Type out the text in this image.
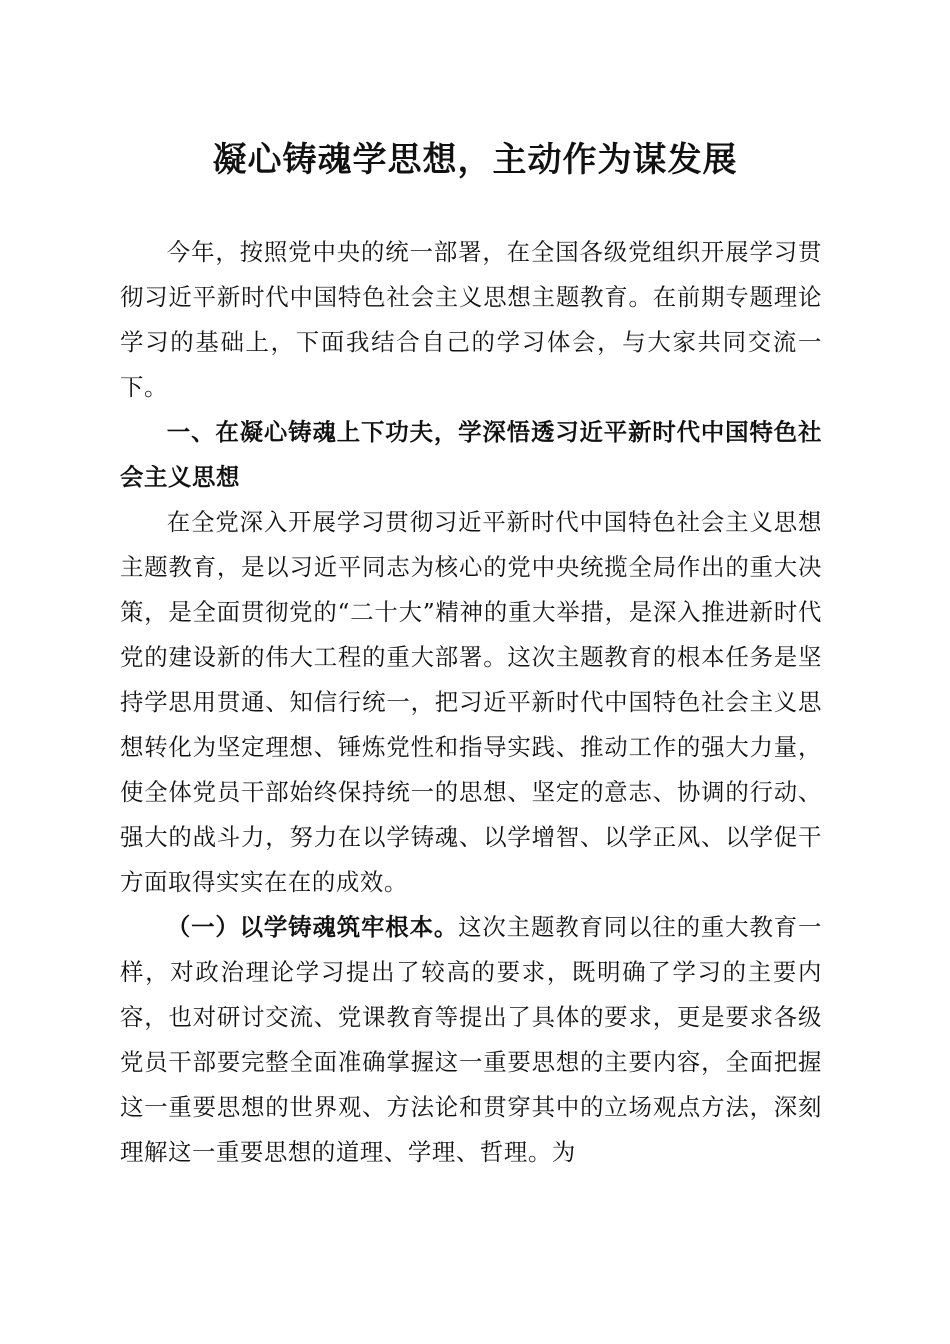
凝心铸魂学思想，主动作为谋发展

今年，按照党中央的统一部署，在全国各级党组织开展学习贯彻习近平新时代中国特色社会主义思想主题教育。在前期专题理论学习的基础上，下面我结合自己的学习体会，与大家共同交流一下。

一、在凝心铸魂上下功夫，学深悟透习近平新时代中国特色社会主义思想

在全党深入开展学习贯彻习近平新时代中国特色社会主义思想主题教育，是以习近平同志为核心的党中央统揽全局作出的重大决策，是全面贯彻党的“二十大”精神的重大举措，是深入推进新时代党的建设新的伟大工程的重大部署。这次主题教育的根本任务是坚持学思用贯通、知信行统一，把习近平新时代中国特色社会主义思想转化为坚定理想、锤炼党性和指导实践、推动工作的强大力量，使全体党员干部始终保持统一的思想、坚定的意志、协调的行动、强大的战斗力，努力在以学铸魂、以学增智、以学正风、以学促干方面取得实实在在的成效。

（一）以学铸魂筑牢根本。这次主题教育同以往的重大教育一样，对政治理论学习提出了较高的要求，既明确了学习的主要内容，也对研讨交流、党课教育等提出了具体的要求，更是要求各级党员干部要完整全面准确掌握这一重要思想的主要内容，全面把握这一重要思想的世界观、方法论和贯穿其中的立场观点方法，深刻理解这一重要思想的道理、学理、哲理。为
